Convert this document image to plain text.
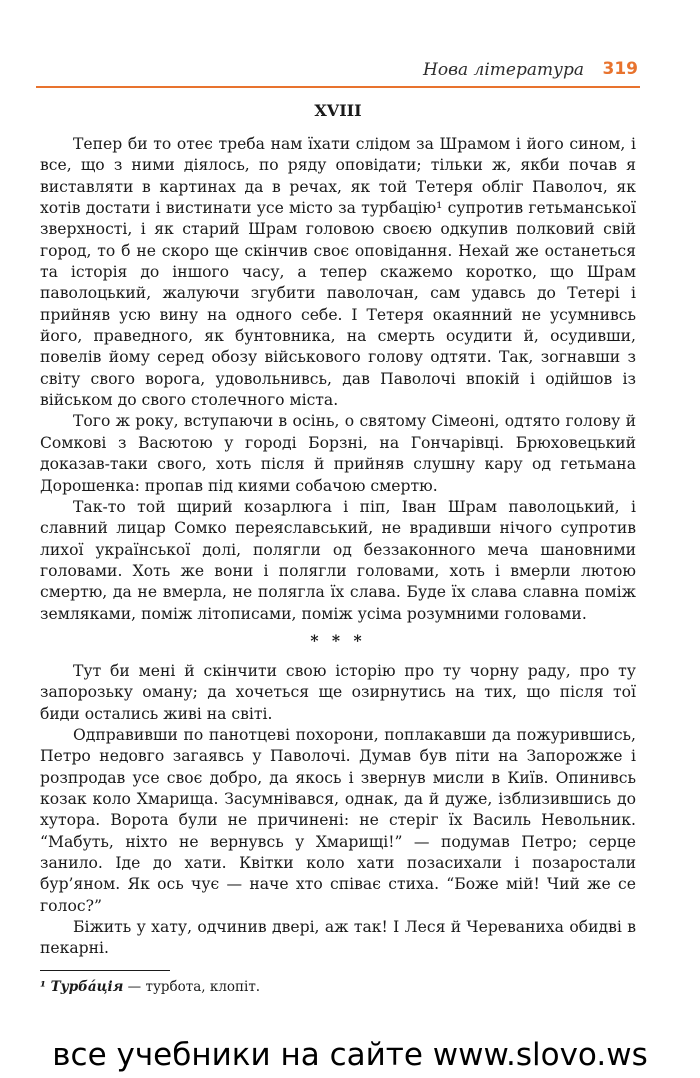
Нова література 319
XVIII

Тепер би то отеє треба нам їхати слідом за Шрамом і його сином, і все, що з ними діялось, по ряду оповідати; тільки ж, якби почав я виставляти в картинах да в речах, як той Тетеря обліг Паволоч, як хотів достати і вистинати усе місто за турбацію¹ супротив гетьманської зверхності, і як старий Шрам головою своєю одкупив полковий свій город, то б не скоро ще скінчив своє оповідання. Нехай же останеться та історія до іншого часу, а тепер скажемо коротко, що Шрам паволоцький, жалуючи згубити паволочан, сам удавсь до Тетері і прийняв усю вину на одного себе. І Тетеря окаянний не усумнивсь його, праведного, як бунтовника, на смерть осудити й, осудивши, повелів йому серед обозу військового голову одтяти. Так, зогнавши з світу свого ворога, удовольнивсь, дав Паволочі впокій і одійшов із військом до свого столечного міста.

Того ж року, вступаючи в осінь, о святому Сімеоні, одтято голову й Сомкові з Васютою у городі Борзні, на Гончарівці. Брюховецький доказав-таки свого, хоть після й прийняв слушну кару од гетьмана Дорошенка: пропав під киями собачою смертю.

Так-то той щирий козарлюга і піп, Іван Шрам паволоцький, і славний лицар Сомко переяславський, не врадивши нічого супротив лихої української долі, полягли од беззаконного меча шановними головами. Хоть же вони і полягли головами, хоть і вмерли лютою смертю, да не вмерла, не полягла їх слава. Буде їх слава славна поміж земляками, поміж літописами, поміж усіма розумними головами.

* * *

Тут би мені й скінчити свою історію про ту чорну раду, про ту запорозьку оману; да хочеться ще озирнутись на тих, що після тої биди остались живі на світі.

Одправивши по панотцеві похорони, поплакавши да пожурившись, Петро недовго загаявсь у Паволочі. Думав був піти на Запорожже і розпродав усе своє добро, да якось і звернув мисли в Київ. Опинивсь козак коло Хмарища. Засумнівався, однак, да й дуже, ізблизившись до хутора. Ворота були не причинені: не стеріг їх Василь Невольник. “Мабуть, ніхто не вернувсь у Хмарищі!” — подумав Петро; серце занило. Іде до хати. Квітки коло хати позасихали і позаростали бур’яном. Як ось чує — наче хто співає стиха. “Боже мій! Чий же се голос?”

Біжить у хату, одчинив двері, аж так! І Леся й Череваниха обидві в пекарні.

¹ Турбáція — турбота, клопіт.
все учебники на сайте www.slovo.ws
